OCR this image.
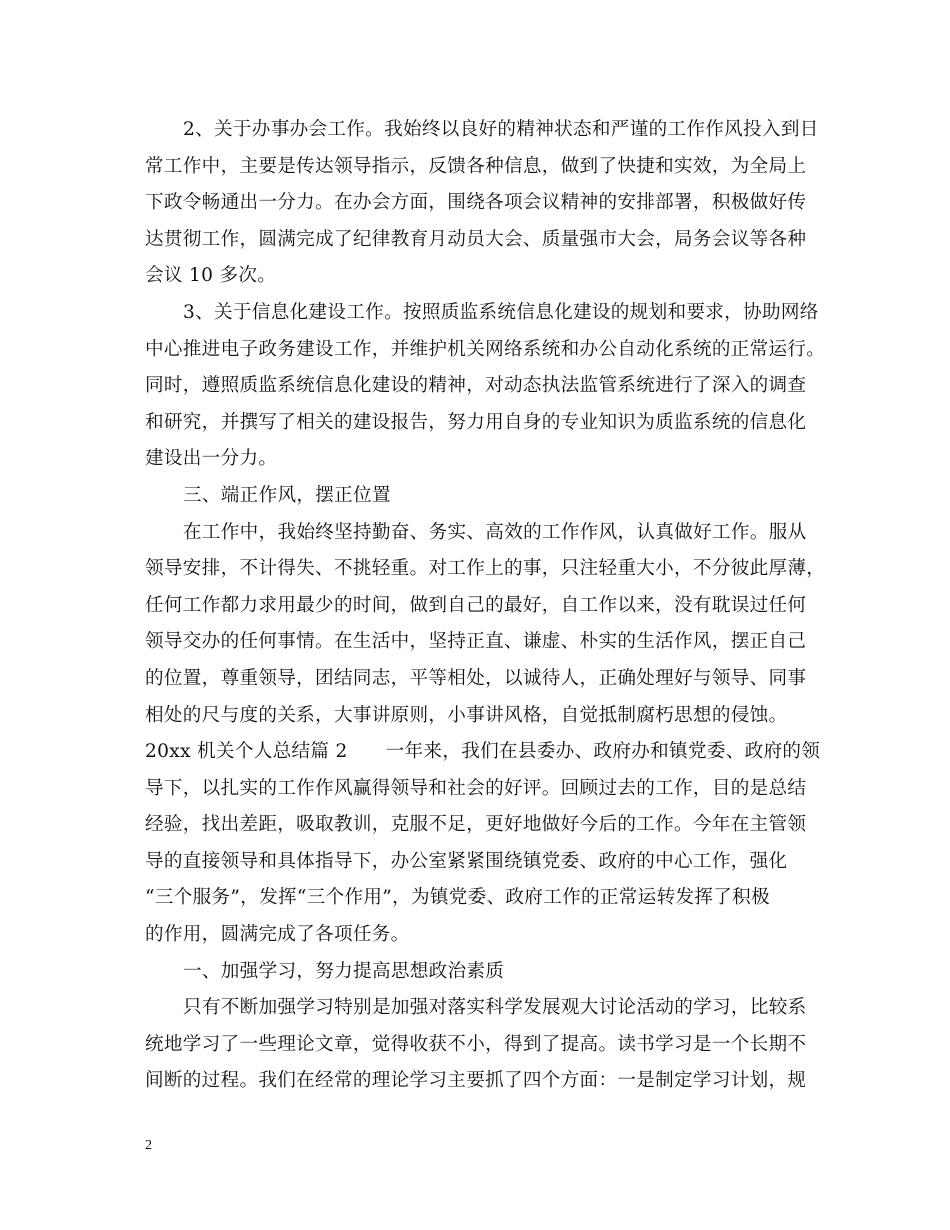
2、关于办事办会工作。我始终以良好的精神状态和严谨的工作作风投入到日
常工作中，主要是传达领导指示，反馈各种信息，做到了快捷和实效，为全局上
下政令畅通出一分力。在办会方面，围绕各项会议精神的安排部署，积极做好传
达贯彻工作，圆满完成了纪律教育月动员大会、质量强市大会，局务会议等各种
会议 10 多次。

3、关于信息化建设工作。按照质监系统信息化建设的规划和要求，协助网络
中心推进电子政务建设工作，并维护机关网络系统和办公自动化系统的正常运行。
同时，遵照质监系统信息化建设的精神，对动态执法监管系统进行了深入的调查
和研究，并撰写了相关的建设报告，努力用自身的专业知识为质监系统的信息化
建设出一分力。

三、端正作风，摆正位置

在工作中，我始终坚持勤奋、务实、高效的工作作风，认真做好工作。服从
领导安排，不计得失、不挑轻重。对工作上的事，只注轻重大小，不分彼此厚薄，
任何工作都力求用最少的时间，做到自己的最好，自工作以来，没有耽误过任何
领导交办的任何事情。在生活中，坚持正直、谦虚、朴实的生活作风，摆正自己
的位置，尊重领导，团结同志，平等相处，以诚待人，正确处理好与领导、同事
相处的尺与度的关系，大事讲原则，小事讲风格，自觉抵制腐朽思想的侵蚀。

20xx 机关个人总结篇 2 一年来，我们在县委办、政府办和镇党委、政府的领
导下，以扎实的工作作风赢得领导和社会的好评。回顾过去的工作，目的是总结
经验，找出差距，吸取教训，克服不足，更好地做好今后的工作。今年在主管领
导的直接领导和具体指导下，办公室紧紧围绕镇党委、政府的中心工作，强化
“三个服务”，发挥“三个作用”，为镇党委、政府工作的正常运转发挥了积极
的作用，圆满完成了各项任务。

一、加强学习，努力提高思想政治素质

只有不断加强学习特别是加强对落实科学发展观大讨论活动的学习，比较系
统地学习了一些理论文章，觉得收获不小，得到了提高。读书学习是一个长期不
间断的过程。我们在经常的理论学习主要抓了四个方面：一是制定学习计划，规

2
